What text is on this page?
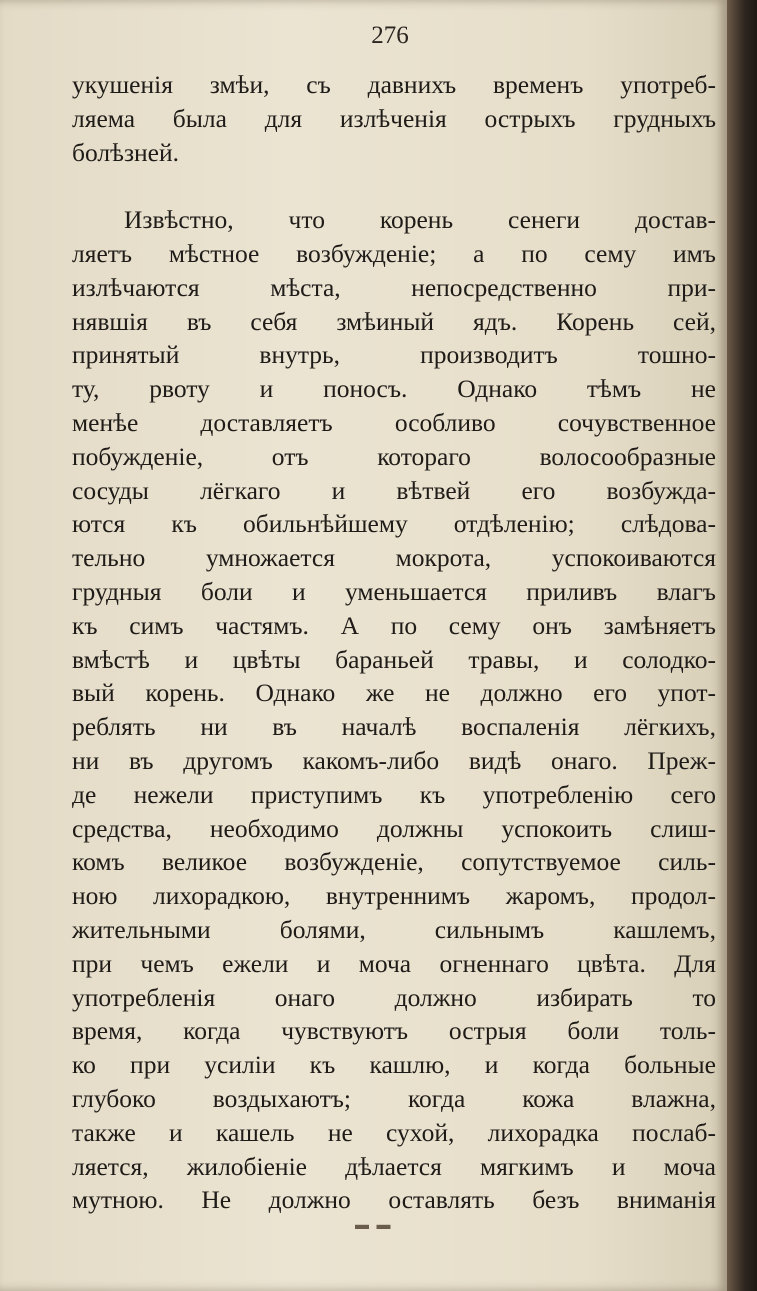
276
укушенія змѣи, съ давнихъ временъ употреб-
ляема была для излѣченія острыхъ грудныхъ
болѣзней.
Извѣстно, что корень сенеги достав-
ляетъ мѣстное возбужденіе; а по сему имъ
излѣчаются мѣста, непосредственно при-
нявшія въ себя змѣиный ядъ. Корень сей,
принятый внутрь, производитъ тошно-
ту, рвоту и поносъ. Однако тѣмъ не
менѣе доставляетъ особливо сочувственное
побужденіе, отъ котораго волосообразные
сосуды лёгкаго и вѣтвей его возбужда-
ются къ обильнѣйшему отдѣленію; слѣдова-
тельно умножается мокрота, успокоиваются
грудныя боли и уменьшается приливъ влагъ
къ симъ частямъ. А по сему онъ замѣняетъ
вмѣстѣ и цвѣты бараньей травы, и солодко-
вый корень. Однако же не должно его упот-
реблять ни въ началѣ воспаленія лёгкихъ,
ни въ другомъ какомъ-либо видѣ онаго. Преж-
де нежели приступимъ къ употребленію сего
средства, необходимо должны успокоить слиш-
комъ великое возбужденіе, сопутствуемое силь-
ною лихорадкою, внутреннимъ жаромъ, продол-
жительными болями, сильнымъ кашлемъ,
при чемъ ежели и моча огненнаго цвѣта. Для
употребленія онаго должно избирать то
время, когда чувствуютъ острыя боли толь-
ко при усиліи къ кашлю, и когда больные
глубоко воздыхаютъ; когда кожа влажна,
также и кашель не сухой, лихорадка послаб-
ляется, жилобіеніе дѣлается мягкимъ и моча
мутною. Не должно оставлять безъ вниманія
▬ ▬
